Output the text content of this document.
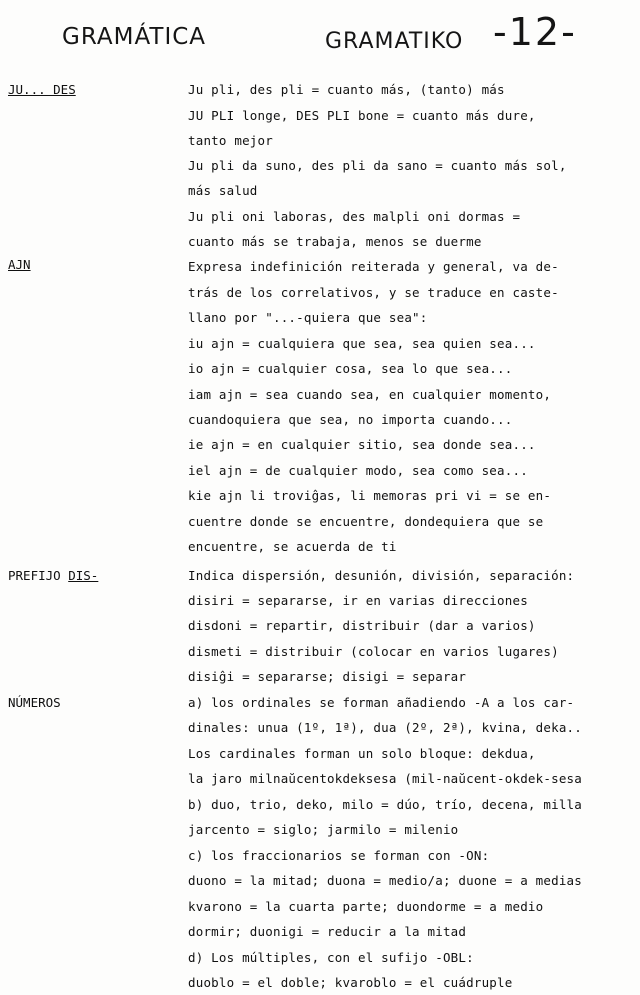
GRAMÁTICA	GRAMATIKO -12-
JU... DES
AJN
PREFIJO DIS-
NÚMEROS
Ju pli, des pli = cuanto más, (tanto) más
JU PLI longe, DES PLI bone = cuanto más dure,
tanto mejor
Ju pli da suno, des pli da sano = cuanto más sol,
más salud
Ju pli oni laboras, des malpli oni dormas =
cuanto más se trabaja, menos se duerme
Expresa indefinición reiterada y general, va de-
trás de los correlativos, y se traduce en caste-
llano por "...-quiera que sea":
iu ajn = cualquiera que sea, sea quien sea...
io ajn = cualquier cosa, sea lo que sea...
iam ajn = sea cuando sea, en cualquier momento,
cuandoquiera que sea, no importa cuando...
ie ajn = en cualquier sitio, sea donde sea...
iel ajn = de cualquier modo, sea como sea...
kie ajn li troviĝas, li memoras pri vi = se en-
cuentre donde se encuentre, dondequiera que se
encuentre, se acuerda de ti
Indica dispersión, desunión, división, separación:
disiri = separarse, ir en varias direcciones
disdoni = repartir, distribuir (dar a varios)
dismeti = distribuir (colocar en varios lugares)
disiĝi = separarse; disigi = separar
a) los ordinales se forman añadiendo -A a los car-
dinales: unua (1º, 1ª), dua (2º, 2ª), kvina, deka..
Los cardinales forman un solo bloque: dekdua,
la jaro milnaŭcentokdeksesa (mil-naŭcent-okdek-sesa
b) duo, trio, deko, milo = dúo, trío, decena, milla
jarcento = siglo; jarmilo = milenio
c) los fraccionarios se forman con -ON:
duono = la mitad; duona = medio/a; duone = a medias
kvarono = la cuarta parte; duondorme = a medio
dormir; duonigi = reducir a la mitad
d) Los múltiples, con el sufijo -OBL:
duoblo = el doble; kvaroblo = el cuádruple
